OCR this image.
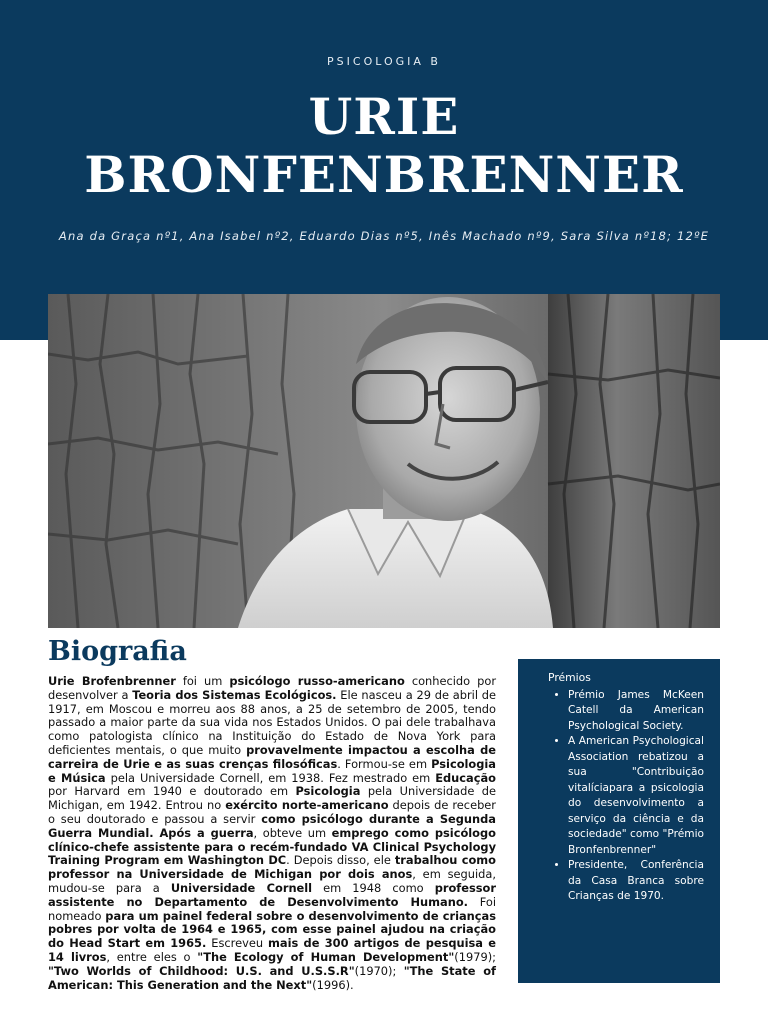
PSICOLOGIA B
URIE
BRONFENBRENNER
Ana da Graça nº1, Ana Isabel nº2, Eduardo Dias nº5, Inês Machado nº9, Sara Silva nº18; 12ºE
Biografia

Urie Brofenbrenner foi um psicólogo russo-americano conhecido por desenvolver a Teoria dos Sistemas Ecológicos. Ele nasceu a 29 de abril de 1917, em Moscou e morreu aos 88 anos, a 25 de setembro de 2005, tendo passado a maior parte da sua vida nos Estados Unidos. O pai dele trabalhava como patologista clínico na Instituição do Estado de Nova York para deficientes mentais, o que muito provavelmente impactou a escolha de carreira de Urie e as suas crenças filosóficas. Formou-se em Psicologia e Música pela Universidade Cornell, em 1938. Fez mestrado em Educação por Harvard em 1940 e doutorado em Psicologia pela Universidade de Michigan, em 1942. Entrou no exército norte-americano depois de receber o seu doutorado e passou a servir como psicólogo durante a Segunda Guerra Mundial. Após a guerra, obteve um emprego como psicólogo clínico-chefe assistente para o recém-fundado VA Clinical Psychology Training Program em Washington DC. Depois disso, ele trabalhou como professor na Universidade de Michigan por dois anos, em seguida, mudou-se para a Universidade Cornell em 1948 como professor assistente no Departamento de Desenvolvimento Humano. Foi nomeado para um painel federal sobre o desenvolvimento de crianças pobres por volta de 1964 e 1965, com esse painel ajudou na criação do Head Start em 1965. Escreveu mais de 300 artigos de pesquisa e 14 livros, entre eles o "The Ecology of Human Development"(1979); "Two Worlds of Childhood: U.S. and U.S.S.R"(1970); "The State of American: This Generation and the Next"(1996).

Prémios

• Prémio James McKeen Catell da American Psychological Society.
• A American Psychological Association rebatizou a sua "Contribuição vitalíciapara a psicologia do desenvolvimento a serviço da ciência e da sociedade" como "Prémio Bronfenbrenner"
• Presidente, Conferência da Casa Branca sobre Crianças de 1970.
